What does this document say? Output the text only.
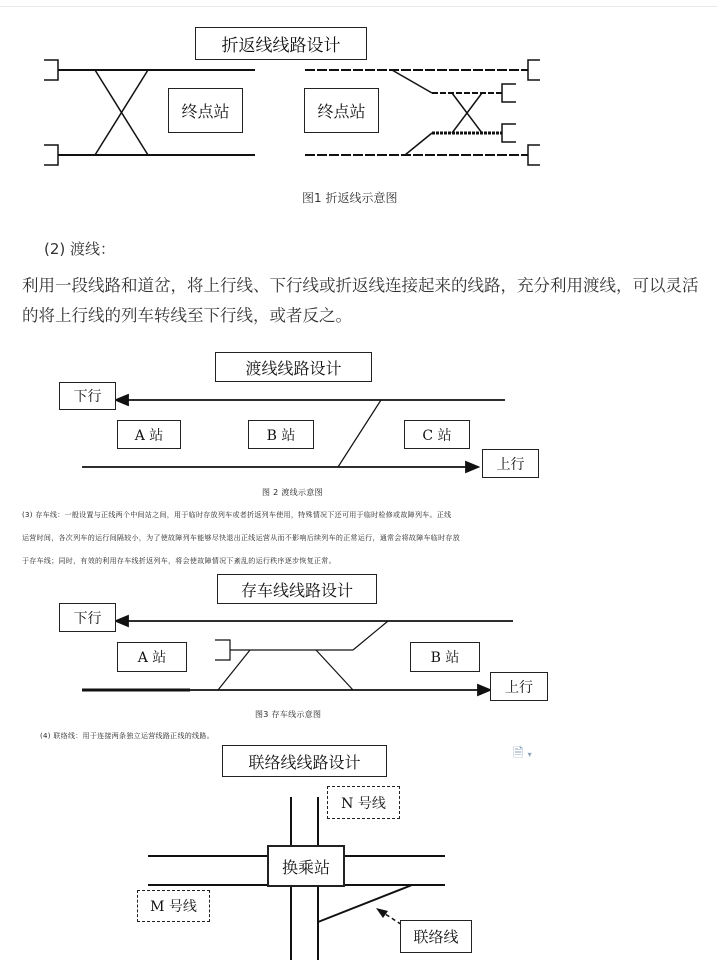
折返线线路设计
终点站	终点站
图1 折返线示意图
(2) 渡线：
利用一段线路和道岔，将上行线、下行线或折返线连接起来的线路，充分利用渡线，可以灵活的将上行线的列车转线至下行线，或者反之。
渡线线路设计
下行
A 站	B 站	C 站
上行
图 2 渡线示意图
(3) 存车线：一般设置与正线两个中间站之间，用于临时存放列车或者折返列车使用，特殊情况下还可用于临时检修或故障列车。正线
运营时间，各次列车的运行间隔较小，为了使故障列车能够尽快退出正线运营从而不影响后续列车的正常运行，通常会将故障车临时存放
于存车线；同时，有效的利用存车线折返列车，将会使故障情况下紊乱的运行秩序逐步恢复正常。
存车线线路设计
下行
A 站	B 站
上行
图3 存车线示意图
(4) 联络线：用于连接两条独立运营线路正线的线路。
🗎 ▾
联络线线路设计
N 号线
换乘站
M 号线
联络线
